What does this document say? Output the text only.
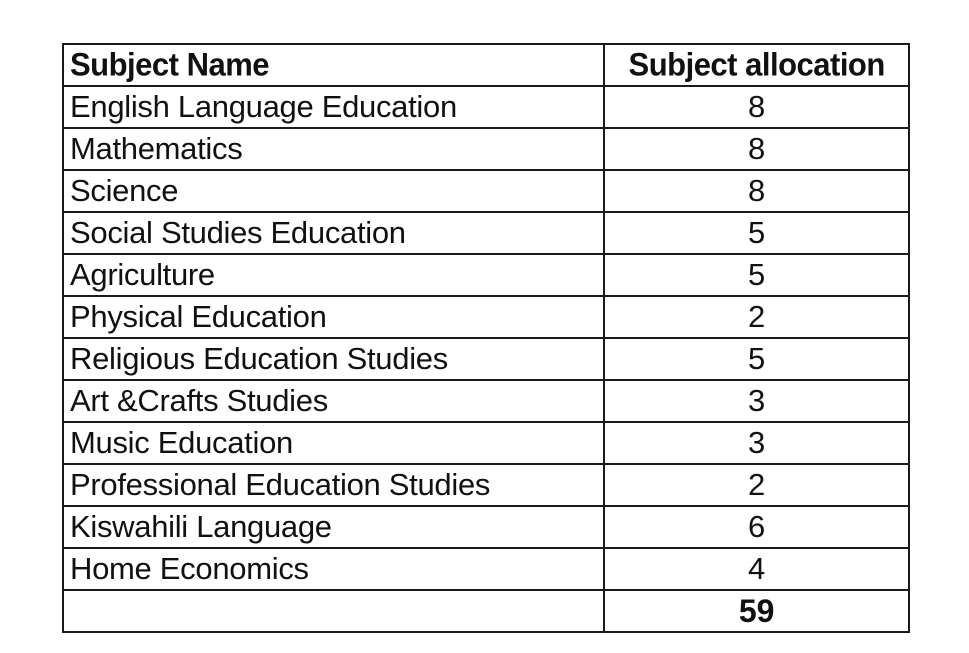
Subject Name	Subject allocation
English Language Education	8
Mathematics	8
Science	8
Social Studies Education	5
Agriculture	5
Physical Education	2
Religious Education Studies	5
Art &Crafts Studies	3
Music Education	3
Professional Education Studies	2
Kiswahili Language	6
Home Economics	4
	59
